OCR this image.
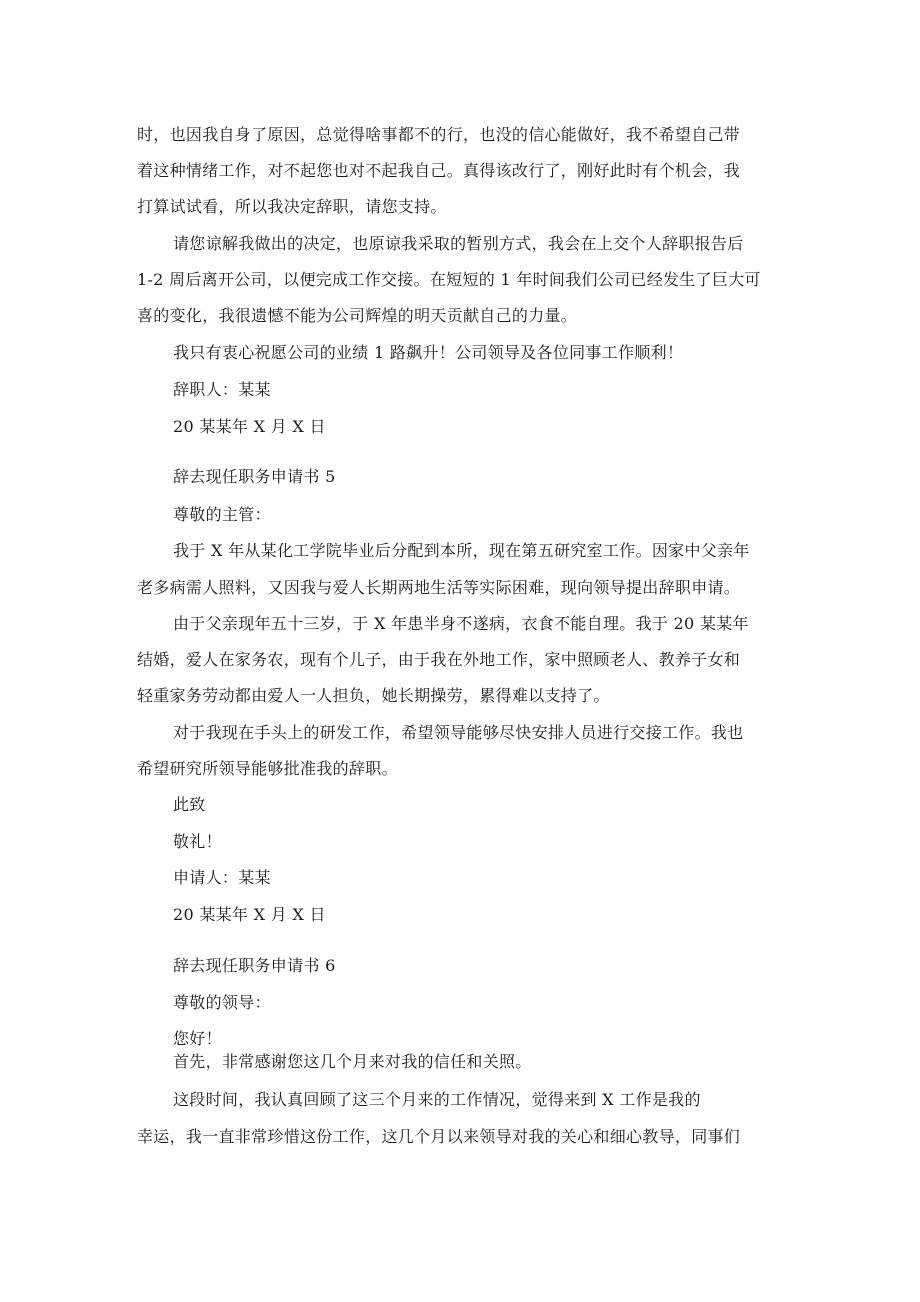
时，也因我自身了原因，总觉得啥事都不的行，也没的信心能做好，我不希望自己带
着这种情绪工作，对不起您也对不起我自己。真得该改行了，刚好此时有个机会，我
打算试试看，所以我决定辞职，请您支持。
请您谅解我做出的决定，也原谅我采取的暂别方式，我会在上交个人辞职报告后
1-2 周后离开公司，以便完成工作交接。在短短的 1 年时间我们公司已经发生了巨大可
喜的变化，我很遗憾不能为公司辉煌的明天贡献自己的力量。
我只有衷心祝愿公司的业绩 1 路飙升！公司领导及各位同事工作顺利！
辞职人：某某
20 某某年 X 月 X 日
辞去现任职务申请书 5
尊敬的主管：
我于 X 年从某化工学院毕业后分配到本所，现在第五研究室工作。因家中父亲年
老多病需人照料，又因我与爱人长期两地生活等实际困难，现向领导提出辞职申请。
由于父亲现年五十三岁，于 X 年患半身不遂病，衣食不能自理。我于 20 某某年
结婚，爱人在家务农，现有个儿子，由于我在外地工作，家中照顾老人、教养子女和
轻重家务劳动都由爱人一人担负，她长期操劳，累得难以支持了。
对于我现在手头上的研发工作，希望领导能够尽快安排人员进行交接工作。我也
希望研究所领导能够批准我的辞职。
此致
敬礼！
申请人：某某
20 某某年 X 月 X 日
辞去现任职务申请书 6
尊敬的领导：
您好！
首先，非常感谢您这几个月来对我的信任和关照。
这段时间，我认真回顾了这三个月来的工作情况，觉得来到 X 工作是我的
幸运，我一直非常珍惜这份工作，这几个月以来领导对我的关心和细心教导，同事们
